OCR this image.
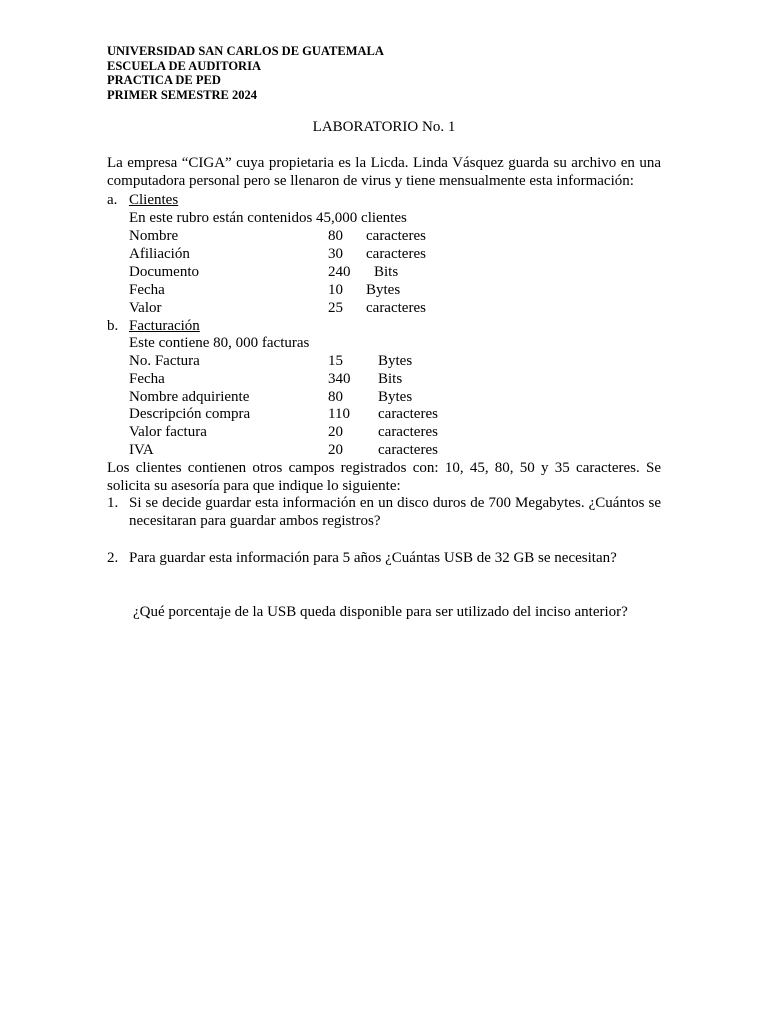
UNIVERSIDAD SAN CARLOS DE GUATEMALA
ESCUELA DE AUDITORIA
PRACTICA DE PED
PRIMER SEMESTRE 2024
LABORATORIO No. 1
La empresa “CIGA” cuya propietaria es la Licda. Linda Vásquez guarda su archivo en una computadora personal pero se llenaron de virus y tiene mensualmente esta información:
a. Clientes
En este rubro están contenidos 45,000 clientes
Nombre	80 caracteres
Afiliación	30 caracteres
Documento	240 Bits
Fecha	10 Bytes
Valor	25 caracteres
b. Facturación
Este contiene 80, 000 facturas
No. Factura	15 Bytes
Fecha	340 Bits
Nombre adquiriente	80 Bytes
Descripción compra	110 caracteres
Valor factura	20 caracteres
IVA	20 caracteres
Los clientes contienen otros campos registrados con: 10, 45, 80, 50 y 35 caracteres. Se solicita su asesoría para que indique lo siguiente:
1. Si se decide guardar esta información en un disco duros de 700 Megabytes. ¿Cuántos se necesitaran para guardar ambos registros?
2. Para guardar esta información para 5 años ¿Cuántas USB de 32 GB se necesitan?
¿Qué porcentaje de la USB queda disponible para ser utilizado del inciso anterior?
